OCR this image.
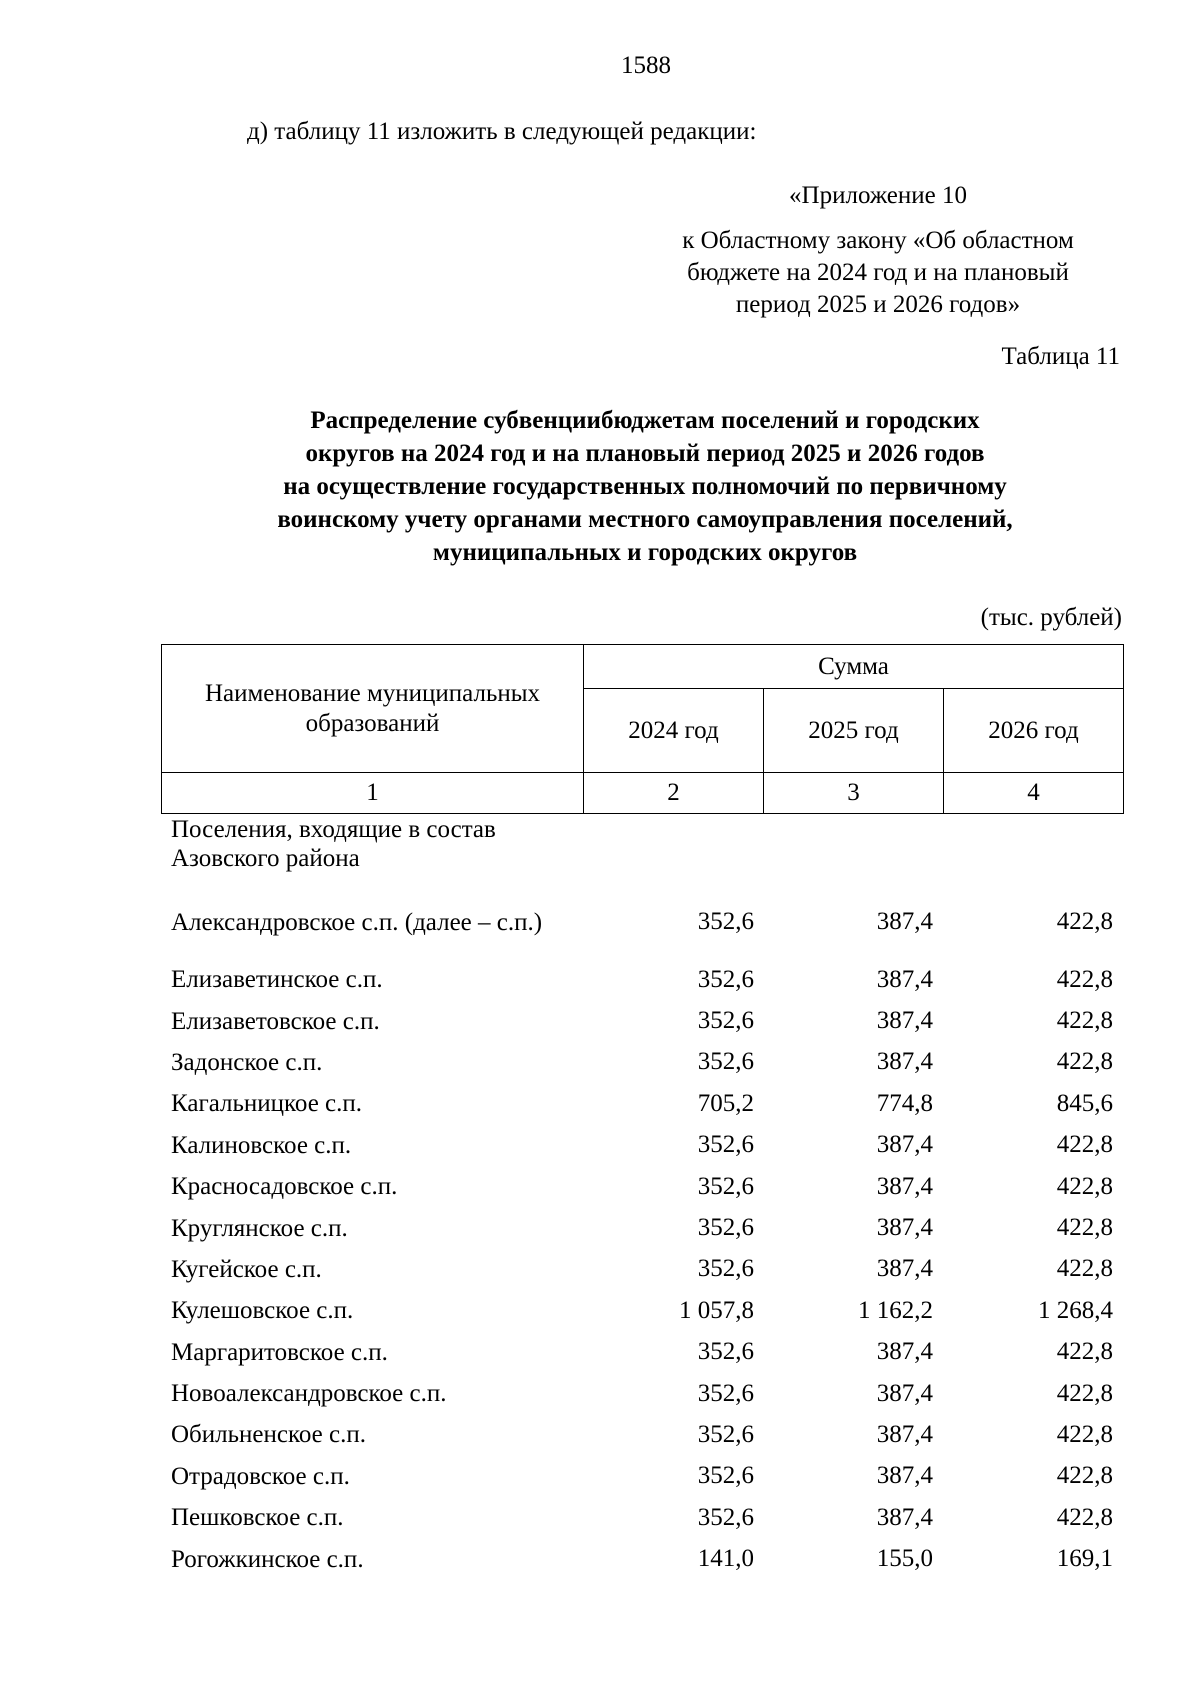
1588
д) таблицу 11 изложить в следующей редакции:
«Приложение 10
к Областному закону «Об областном
бюджете на 2024 год и на плановый
период 2025 и 2026 годов»
Таблица 11
Распределение субвенциибюджетам поселений и городских
округов на 2024 год и на плановый период 2025 и 2026 годов
на осуществление государственных полномочий по первичному
воинскому учету органами местного самоуправления поселений,
муниципальных и городских округов
(тыс. рублей)
Наименование муниципальных образований	Сумма		
	2024 год	2025 год	2026 год
1	2	3	4
Поселения, входящие в состав Азовского района
Александровское с.п. (далее – с.п.)	352,6	387,4	422,8
Елизаветинское с.п.	352,6	387,4	422,8
Елизаветовское с.п.	352,6	387,4	422,8
Задонское с.п.	352,6	387,4	422,8
Кагальницкое с.п.	705,2	774,8	845,6
Калиновское с.п.	352,6	387,4	422,8
Красносадовское с.п.	352,6	387,4	422,8
Круглянское с.п.	352,6	387,4	422,8
Кугейское с.п.	352,6	387,4	422,8
Кулешовское с.п.	1 057,8	1 162,2	1 268,4
Маргаритовское с.п.	352,6	387,4	422,8
Новоалександровское с.п.	352,6	387,4	422,8
Обильненское с.п.	352,6	387,4	422,8
Отрадовское с.п.	352,6	387,4	422,8
Пешковское с.п.	352,6	387,4	422,8
Рогожкинское с.п.	141,0	155,0	169,1
